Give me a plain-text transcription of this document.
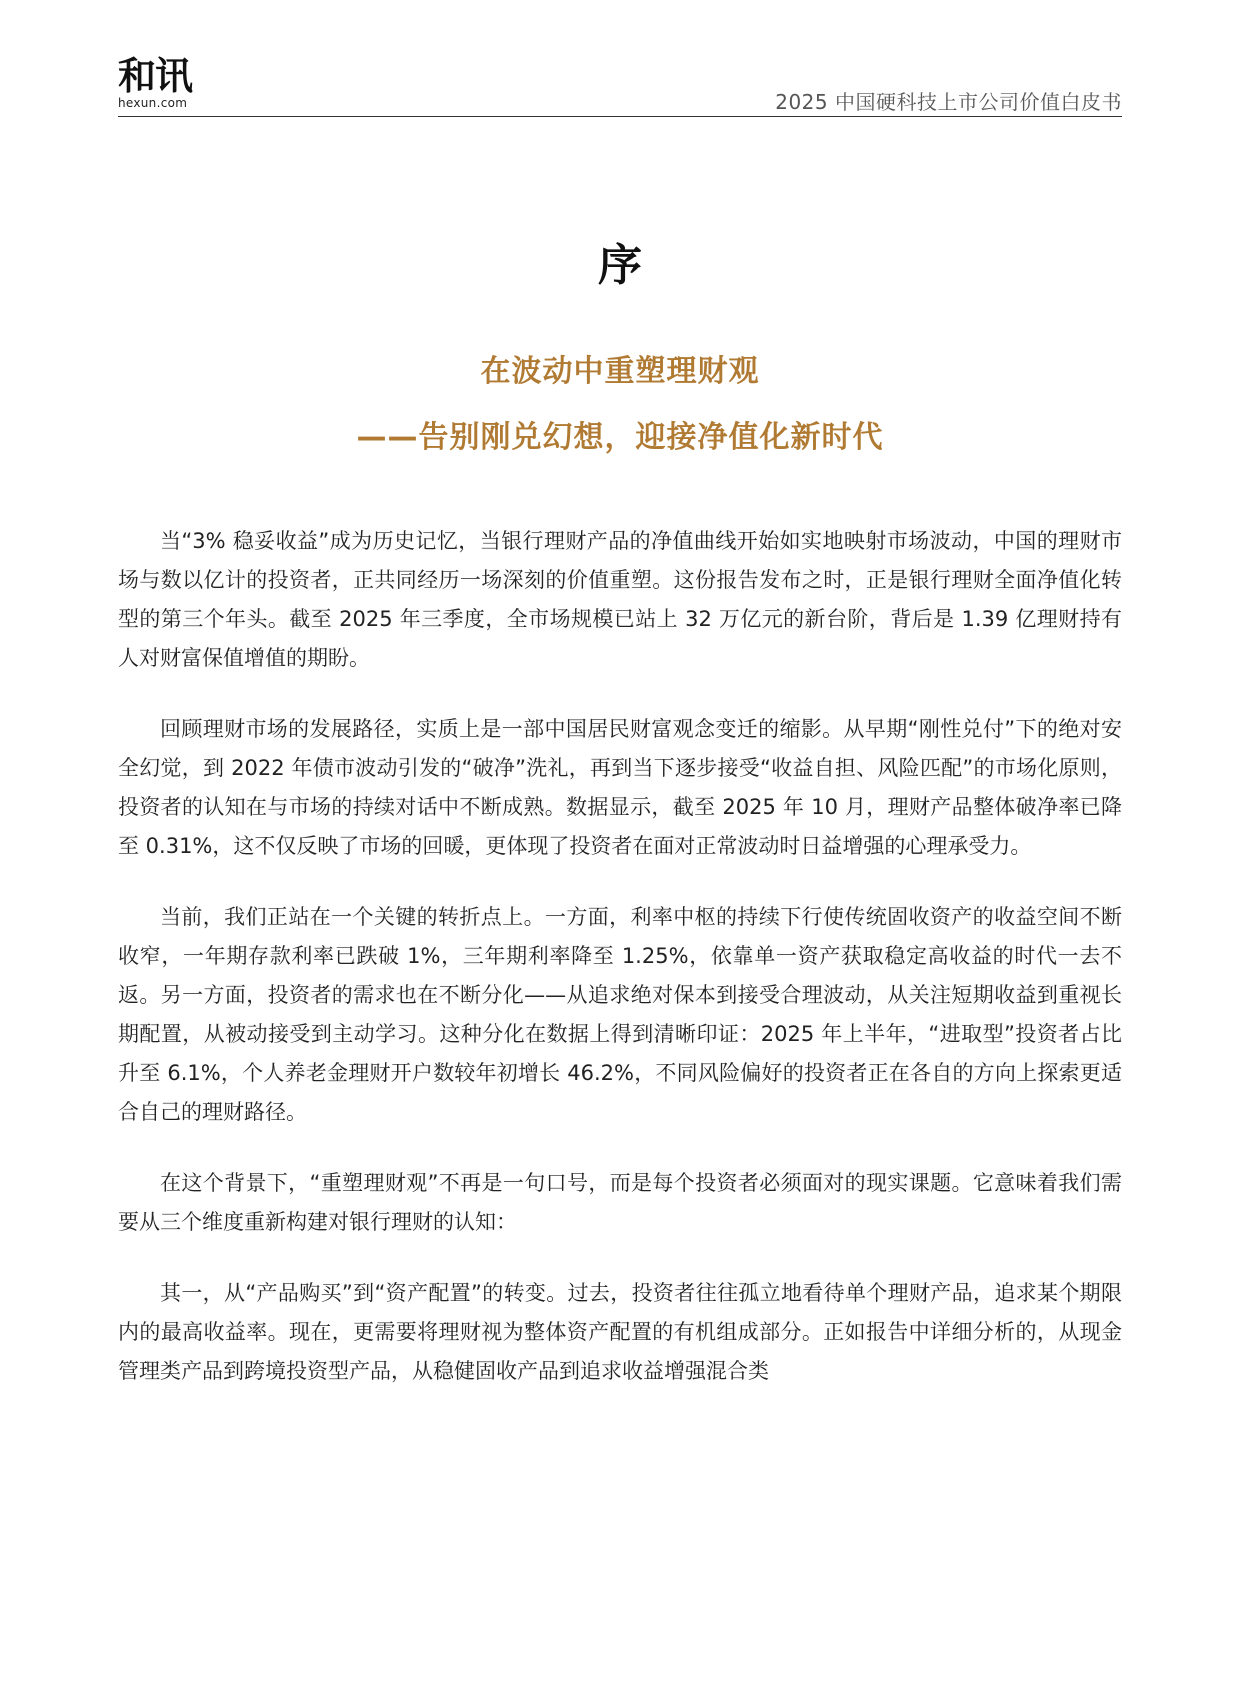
和讯
hexun.com	2025 中国硬科技上市公司价值白皮书
序
在波动中重塑理财观
——告别刚兑幻想，迎接净值化新时代

当“3% 稳妥收益”成为历史记忆，当银行理财产品的净值曲线开始如实地映射市场波动，中国的理财市场与数以亿计的投资者，正共同经历一场深刻的价值重塑。这份报告发布之时，正是银行理财全面净值化转型的第三个年头。截至 2025 年三季度，全市场规模已站上 32 万亿元的新台阶，背后是 1.39 亿理财持有人对财富保值增值的期盼。

回顾理财市场的发展路径，实质上是一部中国居民财富观念变迁的缩影。从早期“刚性兑付”下的绝对安全幻觉，到 2022 年债市波动引发的“破净”洗礼，再到当下逐步接受“收益自担、风险匹配”的市场化原则，投资者的认知在与市场的持续对话中不断成熟。数据显示，截至 2025 年 10 月，理财产品整体破净率已降至 0.31%，这不仅反映了市场的回暖，更体现了投资者在面对正常波动时日益增强的心理承受力。

当前，我们正站在一个关键的转折点上。一方面，利率中枢的持续下行使传统固收资产的收益空间不断收窄，一年期存款利率已跌破 1%，三年期利率降至 1.25%，依靠单一资产获取稳定高收益的时代一去不返。另一方面，投资者的需求也在不断分化——从追求绝对保本到接受合理波动，从关注短期收益到重视长期配置，从被动接受到主动学习。这种分化在数据上得到清晰印证：2025 年上半年，“进取型”投资者占比升至 6.1%，个人养老金理财开户数较年初增长 46.2%，不同风险偏好的投资者正在各自的方向上探索更适合自己的理财路径。

在这个背景下，“重塑理财观”不再是一句口号，而是每个投资者必须面对的现实课题。它意味着我们需要从三个维度重新构建对银行理财的认知：

其一，从“产品购买”到“资产配置”的转变。过去，投资者往往孤立地看待单个理财产品，追求某个期限内的最高收益率。现在，更需要将理财视为整体资产配置的有机组成部分。正如报告中详细分析的，从现金管理类产品到跨境投资型产品，从稳健固收产品到追求收益增强混合类
